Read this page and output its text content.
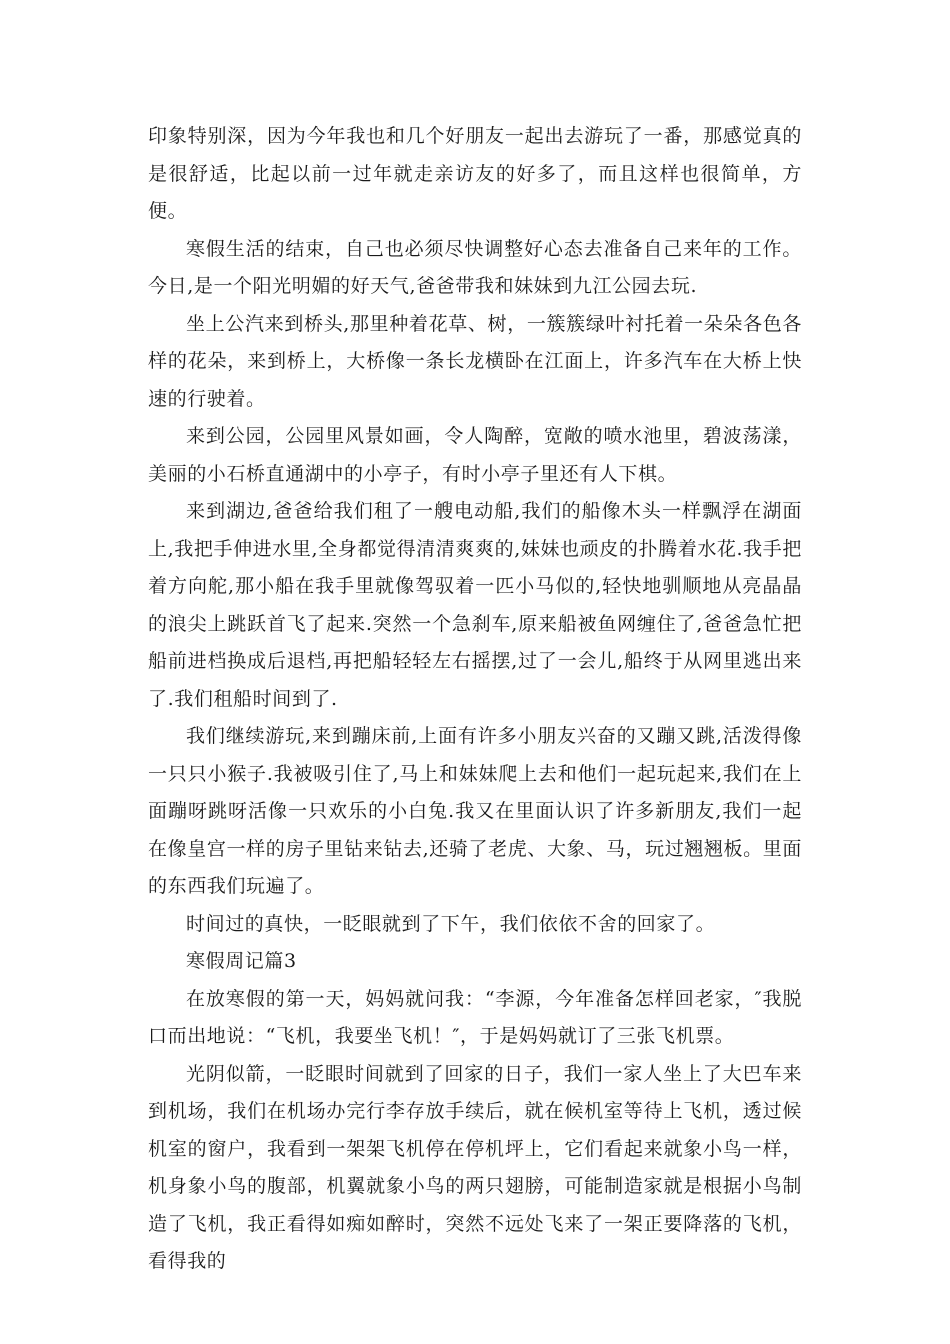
印象特别深，因为今年我也和几个好朋友一起出去游玩了一番，那感觉真的是很舒适，比起以前一过年就走亲访友的好多了，而且这样也很简单，方便。

寒假生活的结束，自己也必须尽快调整好心态去准备自己来年的工作。今日,是一个阳光明媚的好天气,爸爸带我和妹妹到九江公园去玩.

坐上公汽来到桥头,那里种着花草、树，一簇簇绿叶衬托着一朵朵各色各样的花朵，来到桥上，大桥像一条长龙横卧在江面上，许多汽车在大桥上快速的行驶着。

来到公园，公园里风景如画，令人陶醉，宽敞的喷水池里，碧波荡漾，美丽的小石桥直通湖中的小亭子，有时小亭子里还有人下棋。

来到湖边,爸爸给我们租了一艘电动船,我们的船像木头一样飘浮在湖面上,我把手伸进水里,全身都觉得清清爽爽的,妹妹也顽皮的扑腾着水花.我手把着方向舵,那小船在我手里就像驾驭着一匹小马似的,轻快地驯顺地从亮晶晶的浪尖上跳跃首飞了起来.突然一个急刹车,原来船被鱼网缠住了,爸爸急忙把船前进档换成后退档,再把船轻轻左右摇摆,过了一会儿,船终于从网里逃出来了.我们租船时间到了.

我们继续游玩,来到蹦床前,上面有许多小朋友兴奋的又蹦又跳,活泼得像一只只小猴子.我被吸引住了,马上和妹妹爬上去和他们一起玩起来,我们在上面蹦呀跳呀活像一只欢乐的小白兔.我又在里面认识了许多新朋友,我们一起在像皇宫一样的房子里钻来钻去,还骑了老虎、大象、马，玩过翘翘板。里面的东西我们玩遍了。

时间过的真快，一眨眼就到了下午，我们依依不舍的回家了。

寒假周记篇3

在放寒假的第一天，妈妈就问我：“李源，今年准备怎样回老家，″我脱口而出地说：“飞机，我要坐飞机！″，于是妈妈就订了三张飞机票。

光阴似箭，一眨眼时间就到了回家的日子，我们一家人坐上了大巴车来到机场，我们在机场办完行李存放手续后，就在候机室等待上飞机，透过候机室的窗户，我看到一架架飞机停在停机坪上，它们看起来就象小鸟一样，机身象小鸟的腹部，机翼就象小鸟的两只翅膀，可能制造家就是根据小鸟制造了飞机，我正看得如痴如醉时，突然不远处飞来了一架正要降落的飞机，看得我的
